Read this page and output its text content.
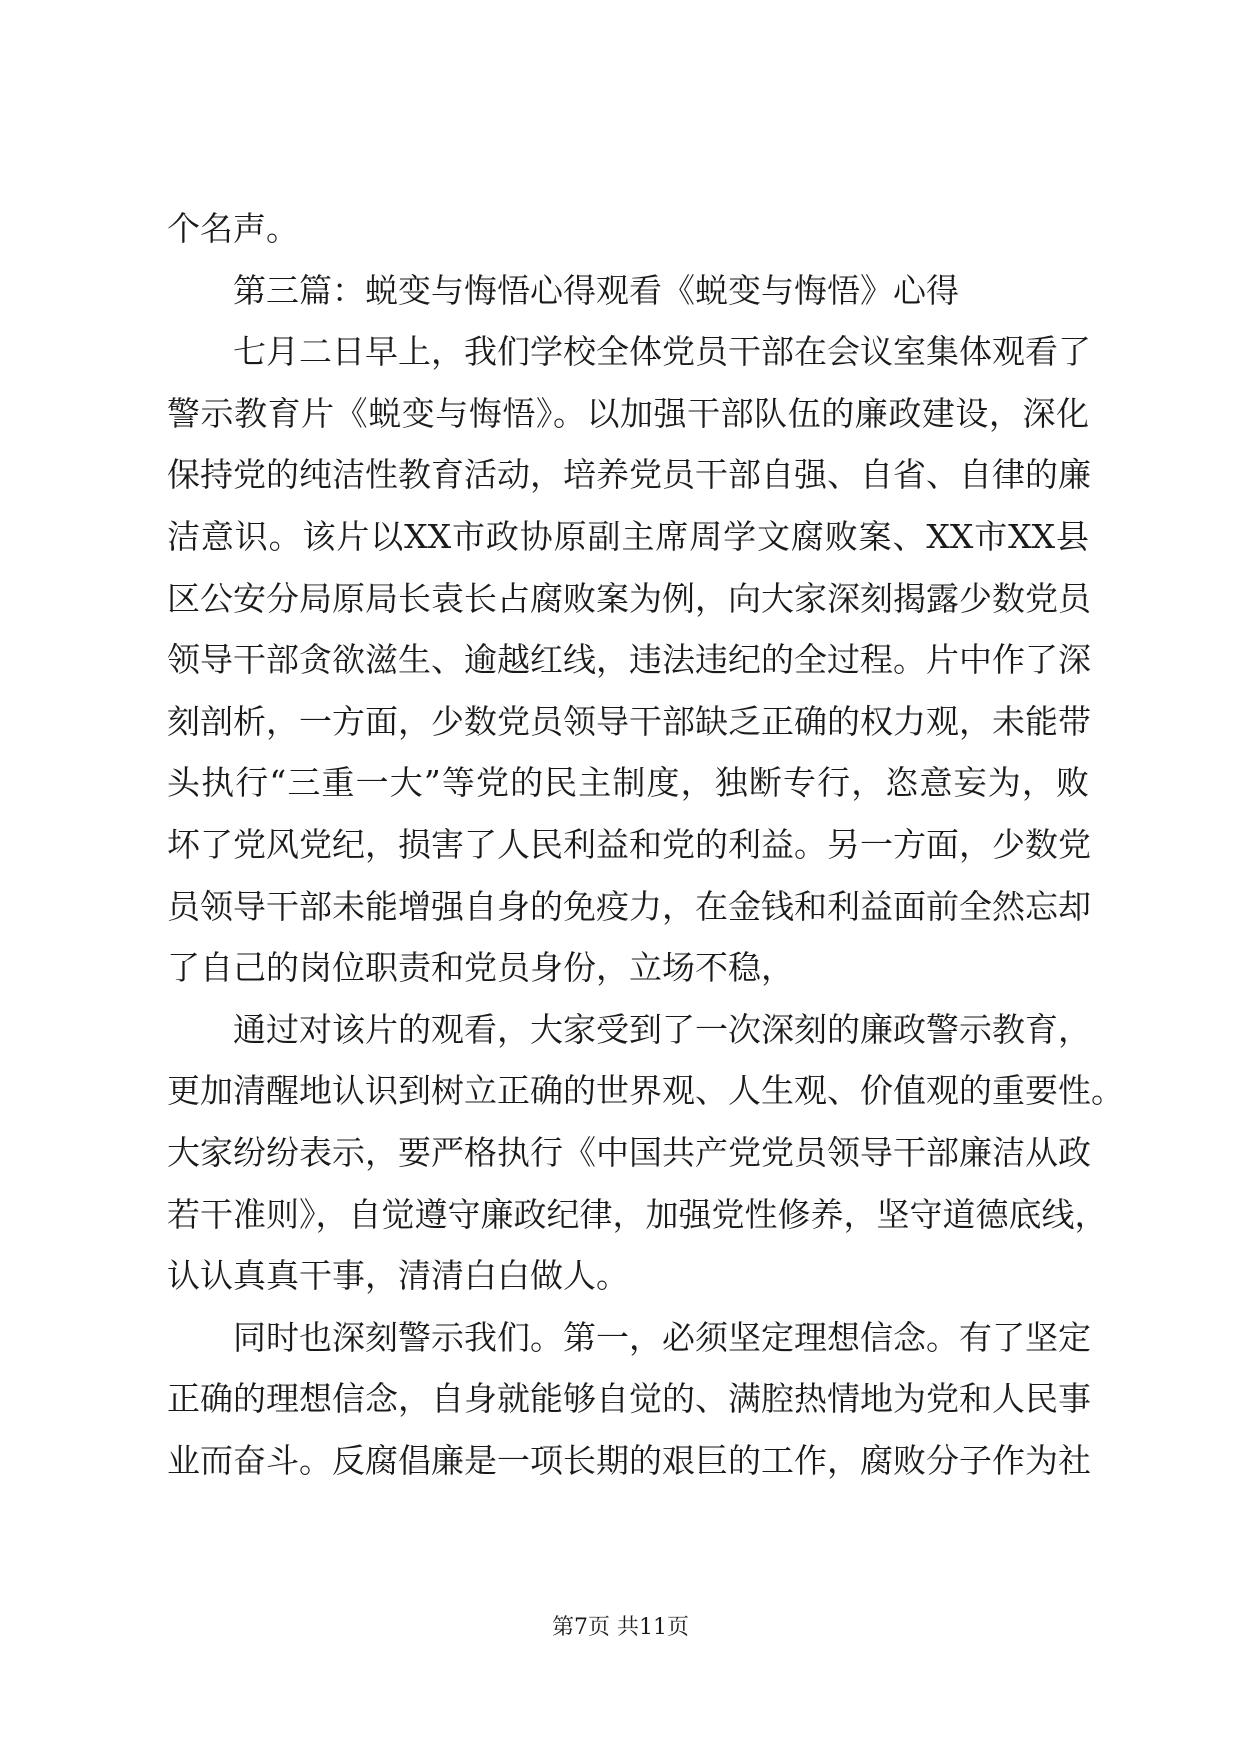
个名声。
第三篇：蜕变与悔悟心得观看《蜕变与悔悟》心得
七月二日早上，我们学校全体党员干部在会议室集体观看了
警示教育片《蜕变与悔悟》。以加强干部队伍的廉政建设，深化
保持党的纯洁性教育活动，培养党员干部自强、自省、自律的廉
洁意识。该片以XX市政协原副主席周学文腐败案、XX市XX县
区公安分局原局长袁长占腐败案为例，向大家深刻揭露少数党员
领导干部贪欲滋生、逾越红线，违法违纪的全过程。片中作了深
刻剖析，一方面，少数党员领导干部缺乏正确的权力观，未能带
头执行“三重一大”等党的民主制度，独断专行，恣意妄为，败
坏了党风党纪，损害了人民利益和党的利益。另一方面，少数党
员领导干部未能增强自身的免疫力，在金钱和利益面前全然忘却
了自己的岗位职责和党员身份，立场不稳，
通过对该片的观看，大家受到了一次深刻的廉政警示教育，
更加清醒地认识到树立正确的世界观、人生观、价值观的重要性。
大家纷纷表示，要严格执行《中国共产党党员领导干部廉洁从政
若干准则》，自觉遵守廉政纪律，加强党性修养，坚守道德底线，
认认真真干事，清清白白做人。
同时也深刻警示我们。第一，必须坚定理想信念。有了坚定
正确的理想信念，自身就能够自觉的、满腔热情地为党和人民事
业而奋斗。反腐倡廉是一项长期的艰巨的工作，腐败分子作为社
第7页 共11页
